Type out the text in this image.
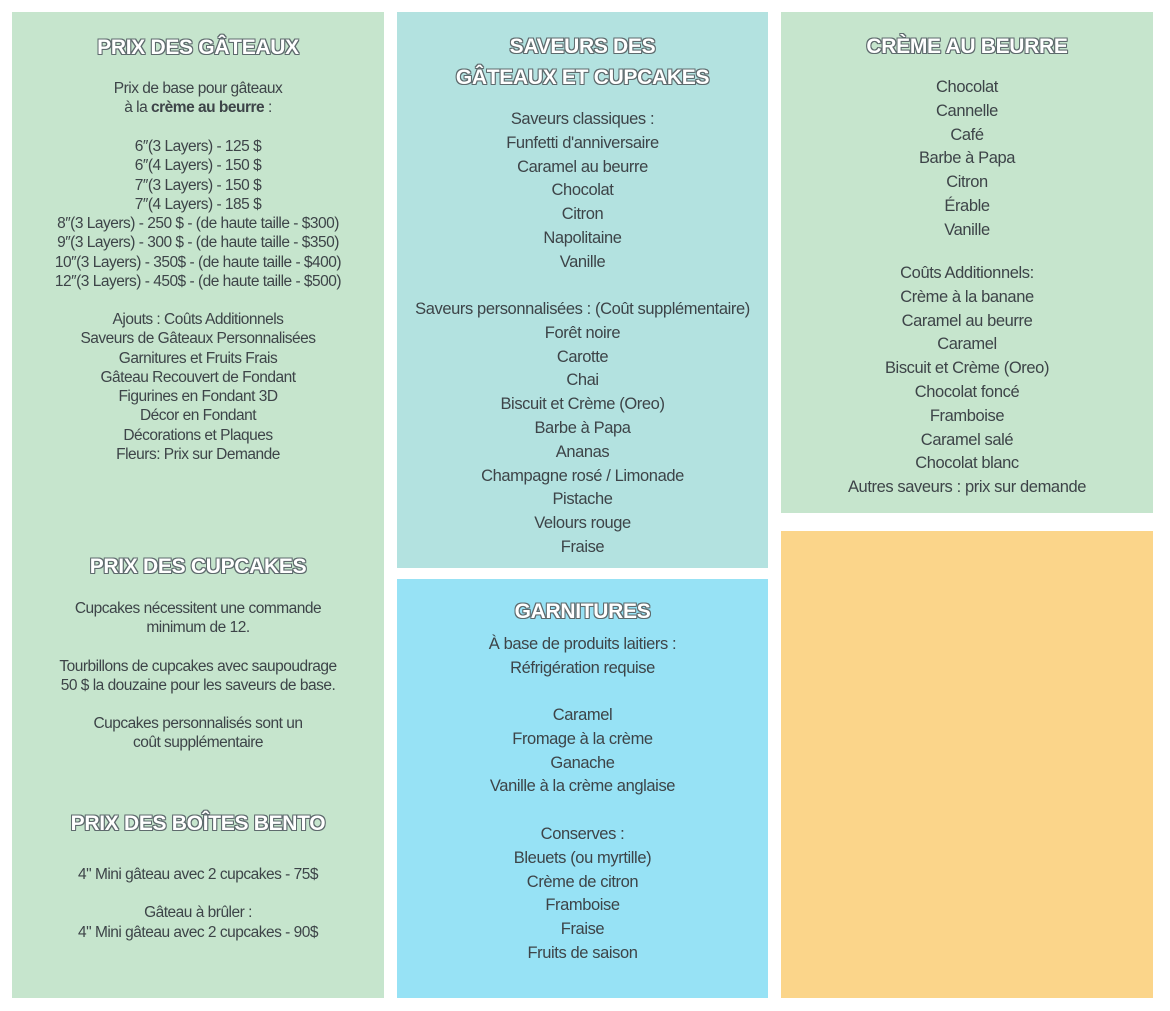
PRIX DES GÂTEAUX
Prix de base pour gâteaux
à la crème au beurre :
6″(3 Layers) - 125 $
6″(4 Layers) - 150 $
7″(3 Layers) - 150 $
7″(4 Layers) - 185 $
8″(3 Layers) - 250 $ - (de haute taille - $300)
9″(3 Layers) - 300 $ - (de haute taille - $350)
10″(3 Layers) - 350$ - (de haute taille - $400)
12″(3 Layers) - 450$ - (de haute taille - $500)
Ajouts : Coûts Additionnels
Saveurs de Gâteaux Personnalisées
Garnitures et Fruits Frais
Gâteau Recouvert de Fondant
Figurines en Fondant 3D
Décor en Fondant
Décorations et Plaques
Fleurs: Prix sur Demande
PRIX DES CUPCAKES
Cupcakes nécessitent une commande
minimum de 12.
Tourbillons de cupcakes avec saupoudrage
50 $ la douzaine pour les saveurs de base.
Cupcakes personnalisés sont un
coût supplémentaire
PRIX DES BOÎTES BENTO
4" Mini gâteau avec 2 cupcakes - 75$
Gâteau à brûler :
4" Mini gâteau avec 2 cupcakes - 90$
SAVEURS DES
GÂTEAUX ET CUPCAKES
Saveurs classiques :
Funfetti d'anniversaire
Caramel au beurre
Chocolat
Citron
Napolitaine
Vanille
Saveurs personnalisées : (Coût supplémentaire)
Forêt noire
Carotte
Chai
Biscuit et Crème (Oreo)
Barbe à Papa
Ananas
Champagne rosé / Limonade
Pistache
Velours rouge
Fraise
GARNITURES
À base de produits laitiers :
Réfrigération requise
Caramel
Fromage à la crème
Ganache
Vanille à la crème anglaise
Conserves :
Bleuets (ou myrtille)
Crème de citron
Framboise
Fraise
Fruits de saison
CRÈME AU BEURRE
Chocolat
Cannelle
Café
Barbe à Papa
Citron
Érable
Vanille
Coûts Additionnels:
Crème à la banane
Caramel au beurre
Caramel
Biscuit et Crème (Oreo)
Chocolat foncé
Framboise
Caramel salé
Chocolat blanc
Autres saveurs : prix sur demande
